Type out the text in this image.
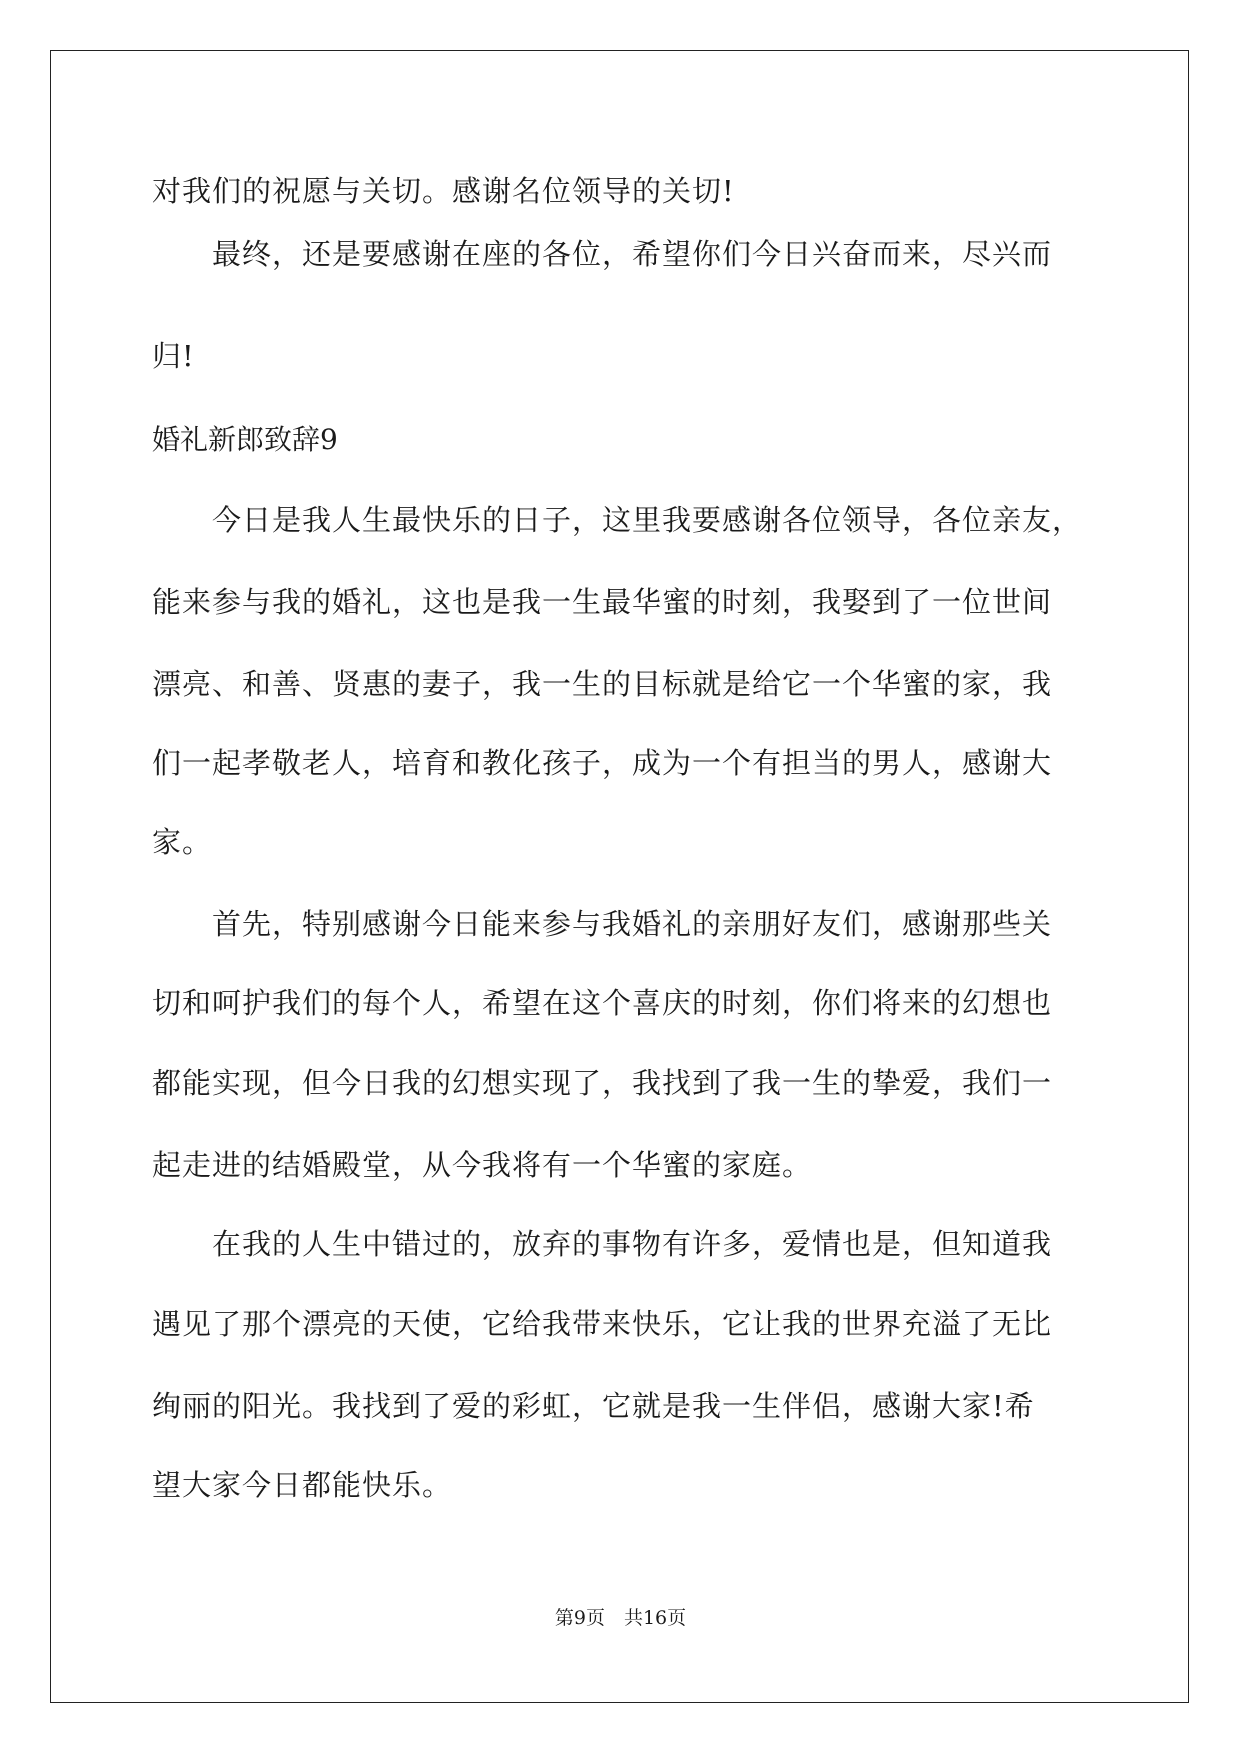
对我们的祝愿与关切。感谢名位领导的关切!
　　最终，还是要感谢在座的各位，希望你们今日兴奋而来，尽兴而
归!
婚礼新郎致辞9
　　今日是我人生最快乐的日子，这里我要感谢各位领导，各位亲友，
能来参与我的婚礼，这也是我一生最华蜜的时刻，我娶到了一位世间
漂亮、和善、贤惠的妻子，我一生的目标就是给它一个华蜜的家，我
们一起孝敬老人，培育和教化孩子，成为一个有担当的男人，感谢大
家。
　　首先，特别感谢今日能来参与我婚礼的亲朋好友们，感谢那些关
切和呵护我们的每个人，希望在这个喜庆的时刻，你们将来的幻想也
都能实现，但今日我的幻想实现了，我找到了我一生的挚爱，我们一
起走进的结婚殿堂，从今我将有一个华蜜的家庭。
　　在我的人生中错过的，放弃的事物有许多，爱情也是，但知道我
遇见了那个漂亮的天使，它给我带来快乐，它让我的世界充溢了无比
绚丽的阳光。我找到了爱的彩虹，它就是我一生伴侣，感谢大家!希
望大家今日都能快乐。
第9页　共16页
